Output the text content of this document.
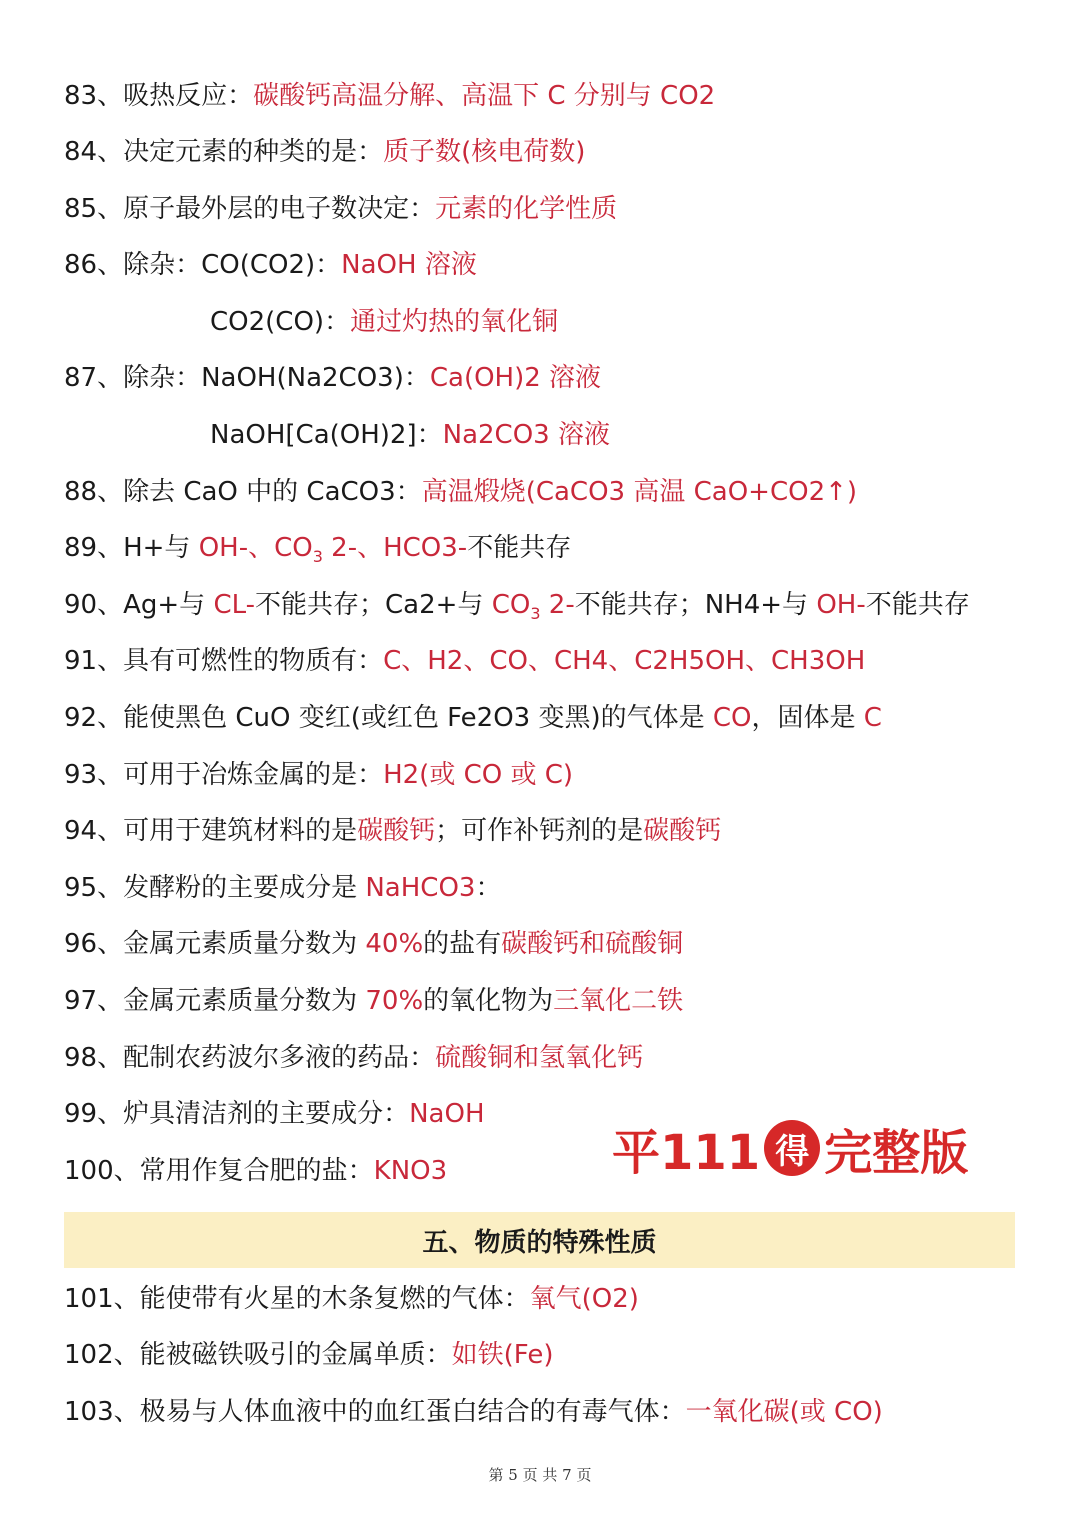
83、吸热反应：碳酸钙高温分解、高温下 C 分别与 CO2
84、决定元素的种类的是：质子数(核电荷数)
85、原子最外层的电子数决定：元素的化学性质
86、除杂：CO(CO2)：NaOH 溶液
CO2(CO)：通过灼热的氧化铜
87、除杂：NaOH(Na2CO3)：Ca(OH)2 溶液
NaOH[Ca(OH)2]：Na2CO3 溶液
88、除去 CaO 中的 CaCO3：高温煅烧(CaCO3 高温 CaO+CO2↑)
89、H+与 OH-、$CO_3$ 2-、HCO3-不能共存
90、Ag+与 CL-不能共存；Ca2+与 $CO_3$ 2-不能共存；NH4+与 OH-不能共存
91、具有可燃性的物质有：C、H2、CO、CH4、C2H5OH、CH3OH
92、能使黑色 CuO 变红(或红色 Fe2O3 变黑)的气体是 CO，固体是 C
93、可用于冶炼金属的是：H2(或 CO 或 C)
94、可用于建筑材料的是碳酸钙；可作补钙剂的是碳酸钙
95、发酵粉的主要成分是 NaHCO3：
96、金属元素质量分数为 40%的盐有碳酸钙和硫酸铜
97、金属元素质量分数为 70%的氧化物为三氧化二铁
98、配制农药波尔多液的药品：硫酸铜和氢氧化钙
99、炉具清洁剂的主要成分：NaOH
100、常用作复合肥的盐：KNO3	平111 得 完整版
五、物质的特殊性质
101、能使带有火星的木条复燃的气体：氧气(O2)
102、能被磁铁吸引的金属单质：如铁(Fe)
103、极易与人体血液中的血红蛋白结合的有毒气体：一氧化碳(或 CO)
第 5 页 共 7 页
